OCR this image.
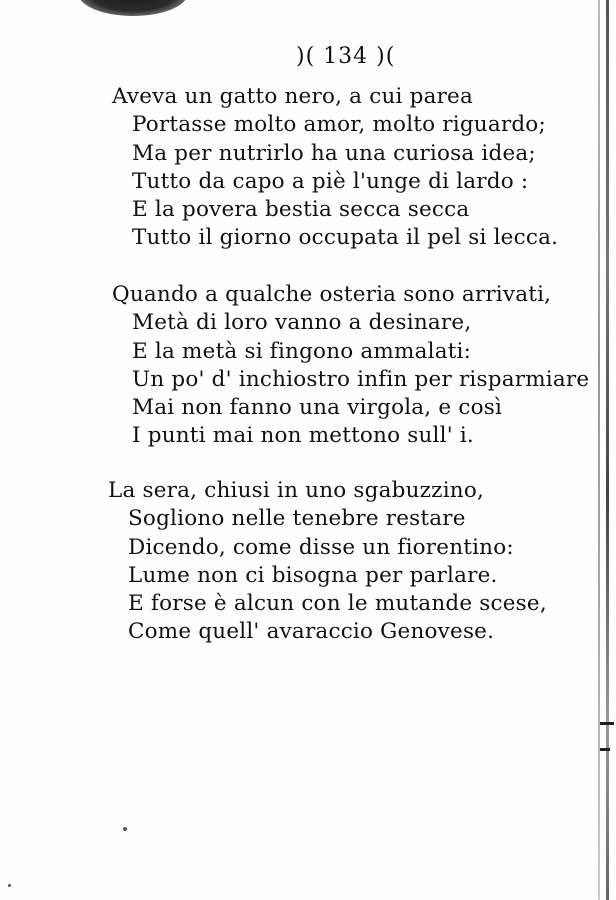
)( 134 )(
Aveva un gatto nero, a cui parea
Portasse molto amor, molto riguardo;
Ma per nutrirlo ha una curiosa idea;
Tutto da capo a piè l'unge di lardo :
E la povera bestia secca secca
Tutto il giorno occupata il pel si lecca.
Quando a qualche osteria sono arrivati,
Metà di loro vanno a desinare,
E la metà si fingono ammalati:
Un po' d' inchiostro infin per risparmiare
Mai non fanno una virgola, e così
I punti mai non mettono sull' i.
La sera, chiusi in uno sgabuzzino,
Sogliono nelle tenebre restare
Dicendo, come disse un fiorentino:
Lume non ci bisogna per parlare.
E forse è alcun con le mutande scese,
Come quell' avaraccio Genovese.
